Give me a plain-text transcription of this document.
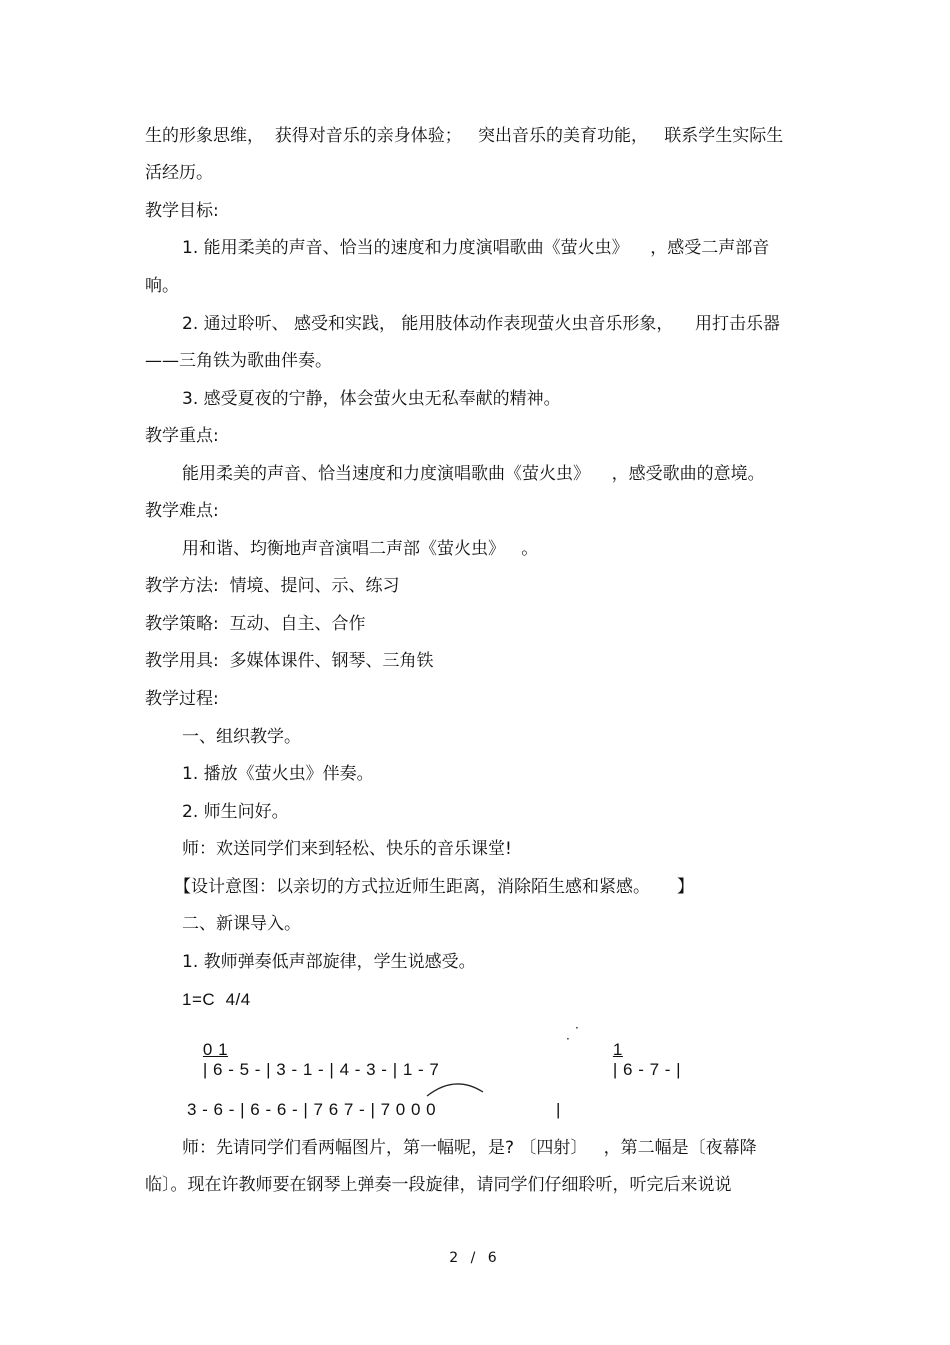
生的形象思维，  获得对音乐的亲身体验；   突出音乐的美育功能，   联系学生实际生
活经历。
教学目标:
1. 能用柔美的声音、恰当的速度和力度演唱歌曲《萤火虫》    ，感受二声部音
响。
2. 通过聆听、 感受和实践， 能用肢体动作表现萤火虫音乐形象，    用打击乐器
——三角铁为歌曲伴奏。
3. 感受夏夜的宁静，体会萤火虫无私奉献的精神。
教学重点:
能用柔美的声音、恰当速度和力度演唱歌曲《萤火虫》    ，感受歌曲的意境。
教学难点:
用和谐、均衡地声音演唱二声部《萤火虫》   。
教学方法:  情境、提问、示、练习
教学策略:  互动、自主、合作
教学用具:  多媒体课件、钢琴、三角铁
教学过程:
一、组织教学。
1. 播放《萤火虫》伴奏。
2. 师生问好。
师：欢送同学们来到轻松、快乐的音乐课堂!
【设计意图：以亲切的方式拉近师生距离，消除陌生感和紧感。     】
二、新课导入。
1. 教师弹奏低声部旋律，学生说感受。
1=C  4/4

0 1
| 6 - 5 - | 3 - 1 - | 4 - 3 - | 1 - 7

·
·

1
| 6 - 7 - |

3 - 6 - | 6 - 6 - | 7 6 7 - | 7 0 0 0	|
师：先请同学们看两幅图片，第一幅呢，是? 〔四射〕   ，第二幅是〔夜幕降
临〕。现在许教师要在钢琴上弹奏一段旋律，请同学们仔细聆听，听完后来说说
2 / 6
